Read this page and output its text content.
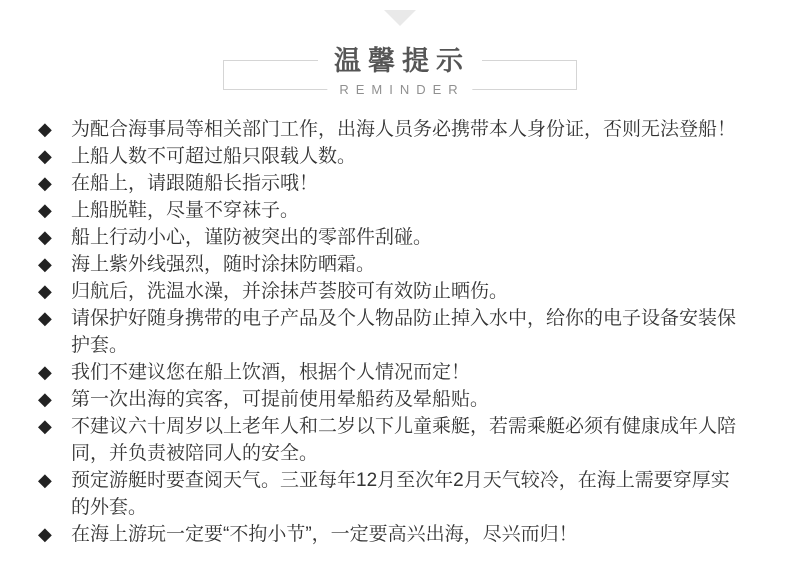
温馨提示
REMINDER
◆	为配合海事局等相关部门工作，出海人员务必携带本人身份证，否则无法登船！
◆	上船人数不可超过船只限载人数。
◆	在船上，请跟随船长指示哦！
◆	上船脱鞋，尽量不穿袜子。
◆	船上行动小心，谨防被突出的零部件刮碰。
◆	海上紫外线强烈，随时涂抹防晒霜。
◆	归航后，洗温水澡，并涂抹芦荟胶可有效防止晒伤。
◆	请保护好随身携带的电子产品及个人物品防止掉入水中，给你的电子设备安装保护套。
◆	我们不建议您在船上饮酒，根据个人情况而定！
◆	第一次出海的宾客，可提前使用晕船药及晕船贴。
◆	不建议六十周岁以上老年人和二岁以下儿童乘艇，若需乘艇必须有健康成年人陪同，并负责被陪同人的安全。
◆	预定游艇时要查阅天气。三亚每年12月至次年2月天气较冷，在海上需要穿厚实的外套。
◆	在海上游玩一定要“不拘小节”，一定要高兴出海，尽兴而归！
